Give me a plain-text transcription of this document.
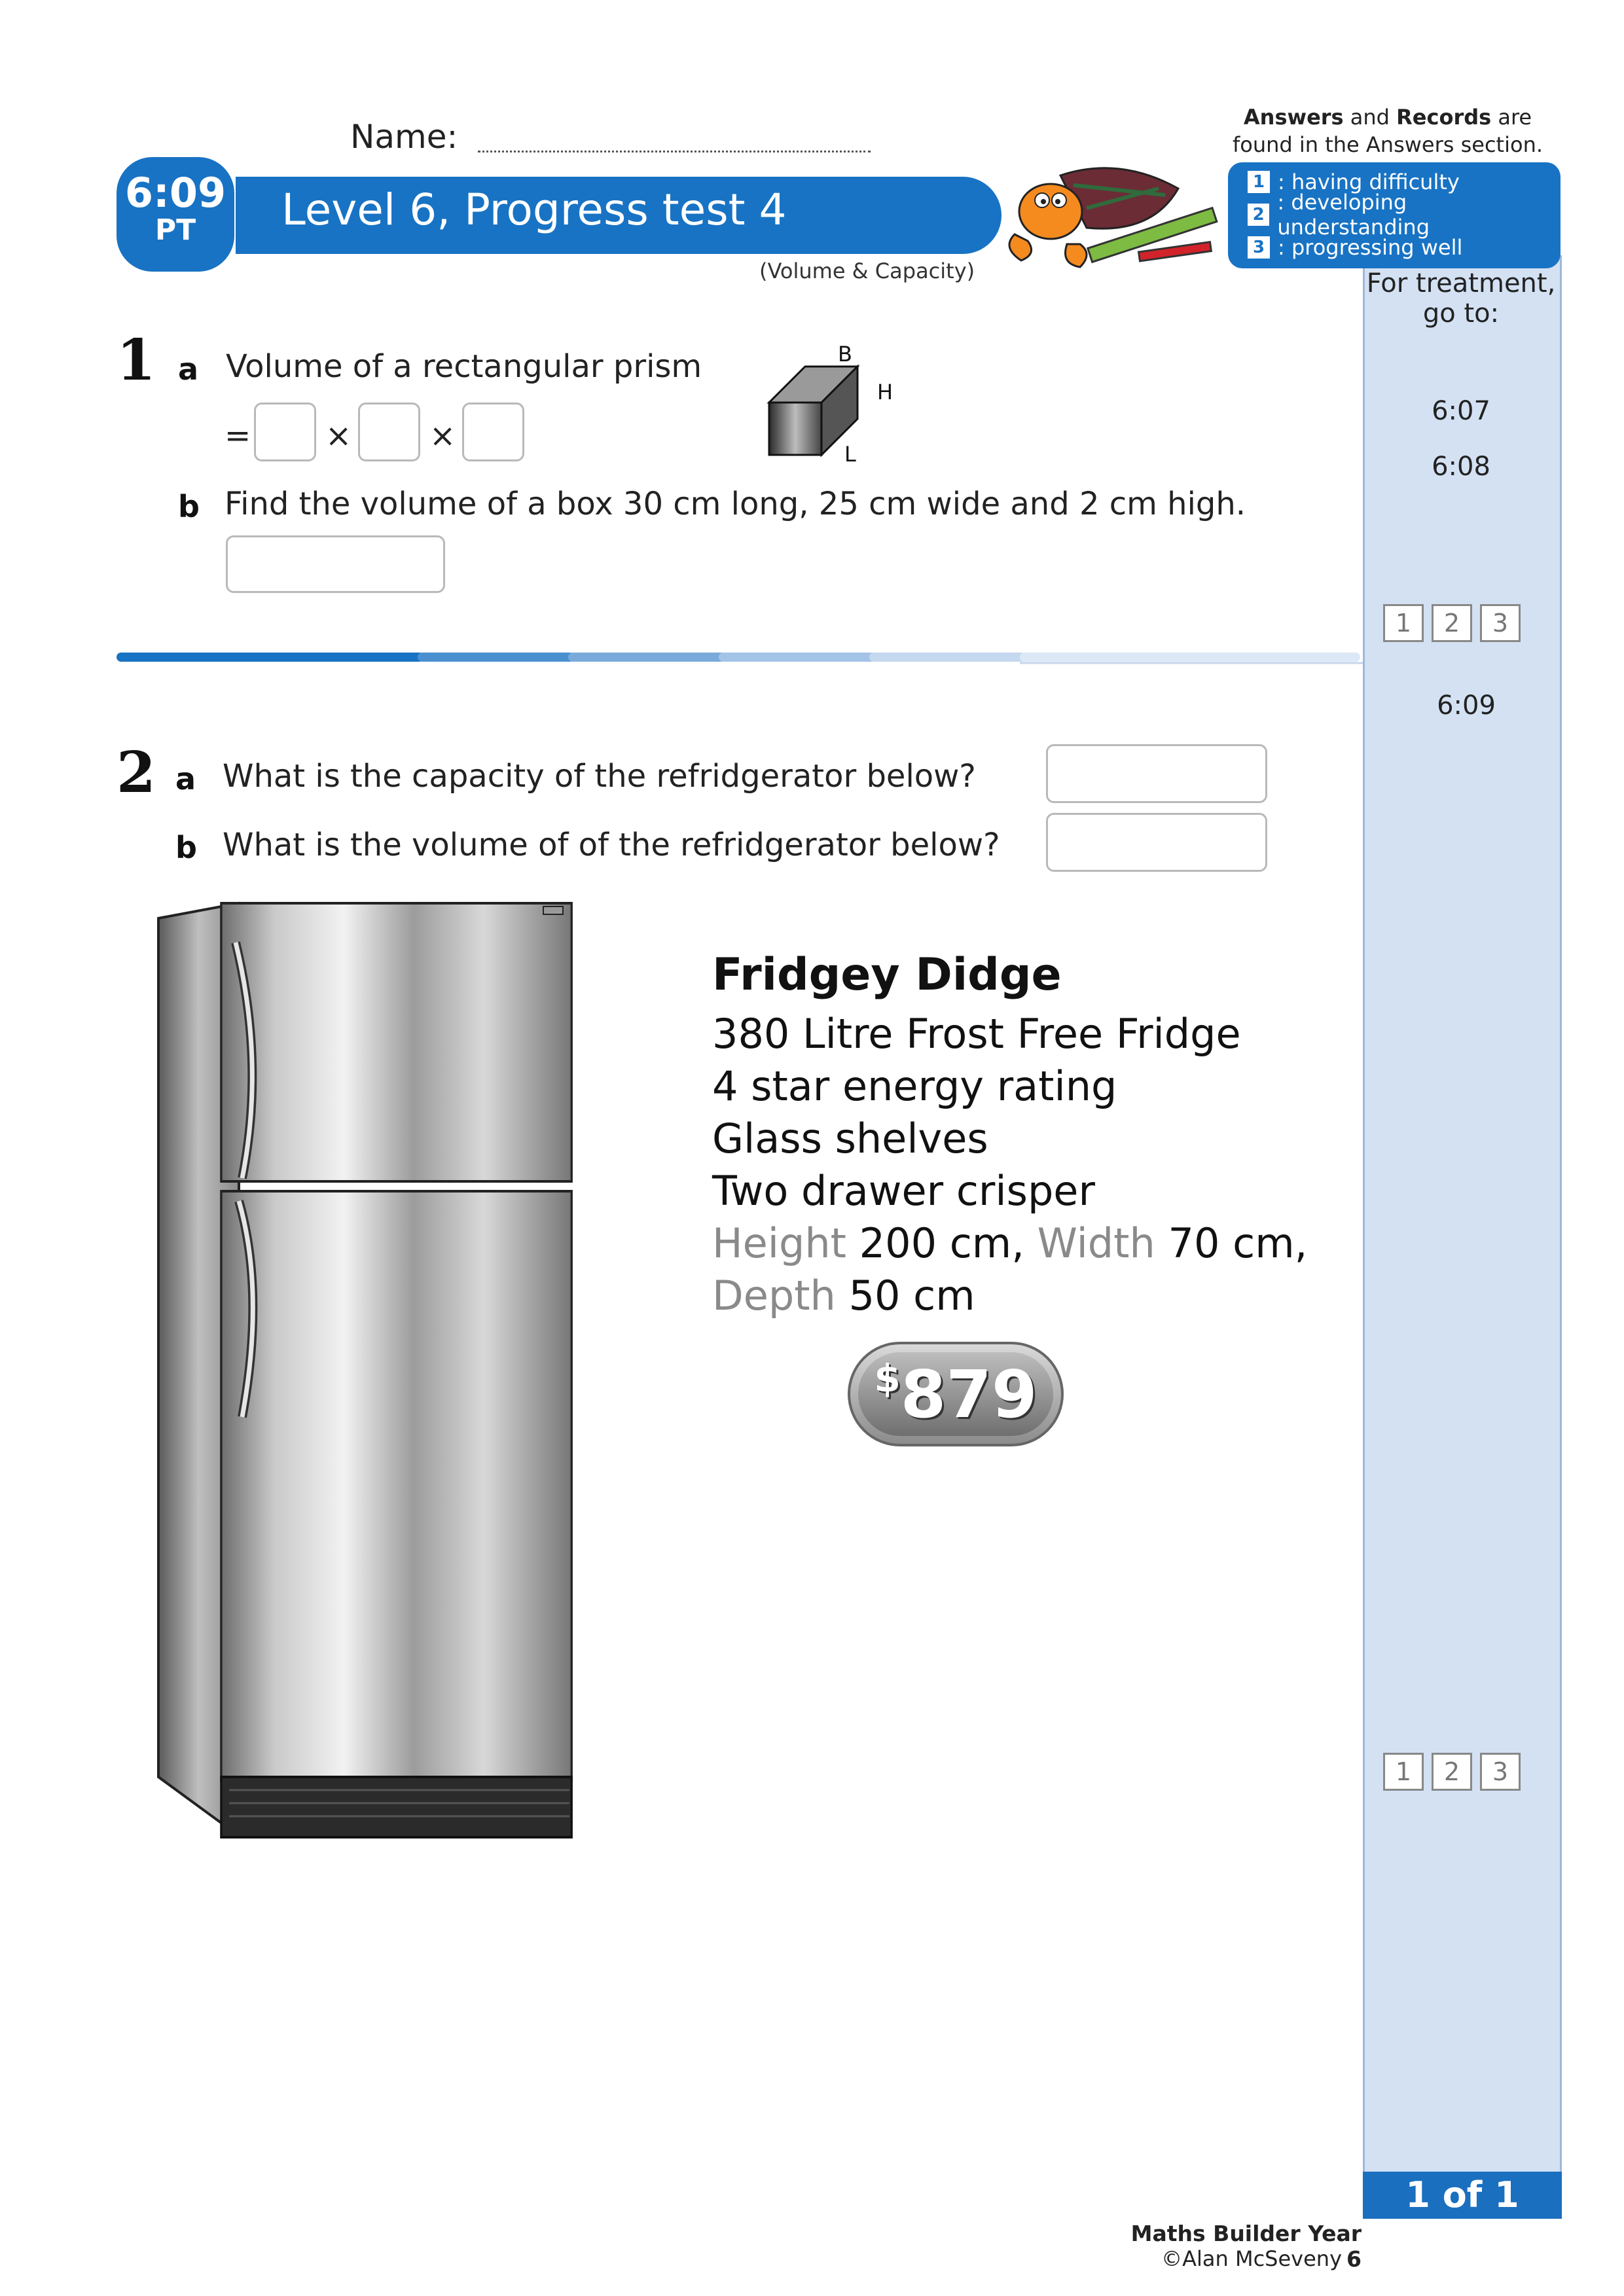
For treatment,
go to:
6:07
6:08
1	2	3
6:09
1	2	3
1 of 1
Name:
Answers and Records are
found in the Answers section.
6:09
PT	Level 6, Progress test 4
(Volume & Capacity)
1 : having difficulty
2 : developing understanding
3 : progressing well
1 a Volume of a rectangular prism
= × ×
B
H
L
b Find the volume of a box 30 cm long, 25 cm wide and 2 cm high.
2 a What is the capacity of the refridgerator below?
b What is the volume of of the refridgerator below?
Fridgey Didge
380 Litre Frost Free Fridge
4 star energy rating
Glass shelves
Two drawer crisper
Height 200 cm, Width 70 cm,
Depth 50 cm
$879
Maths Builder Year 6
©Alan McSeveny
